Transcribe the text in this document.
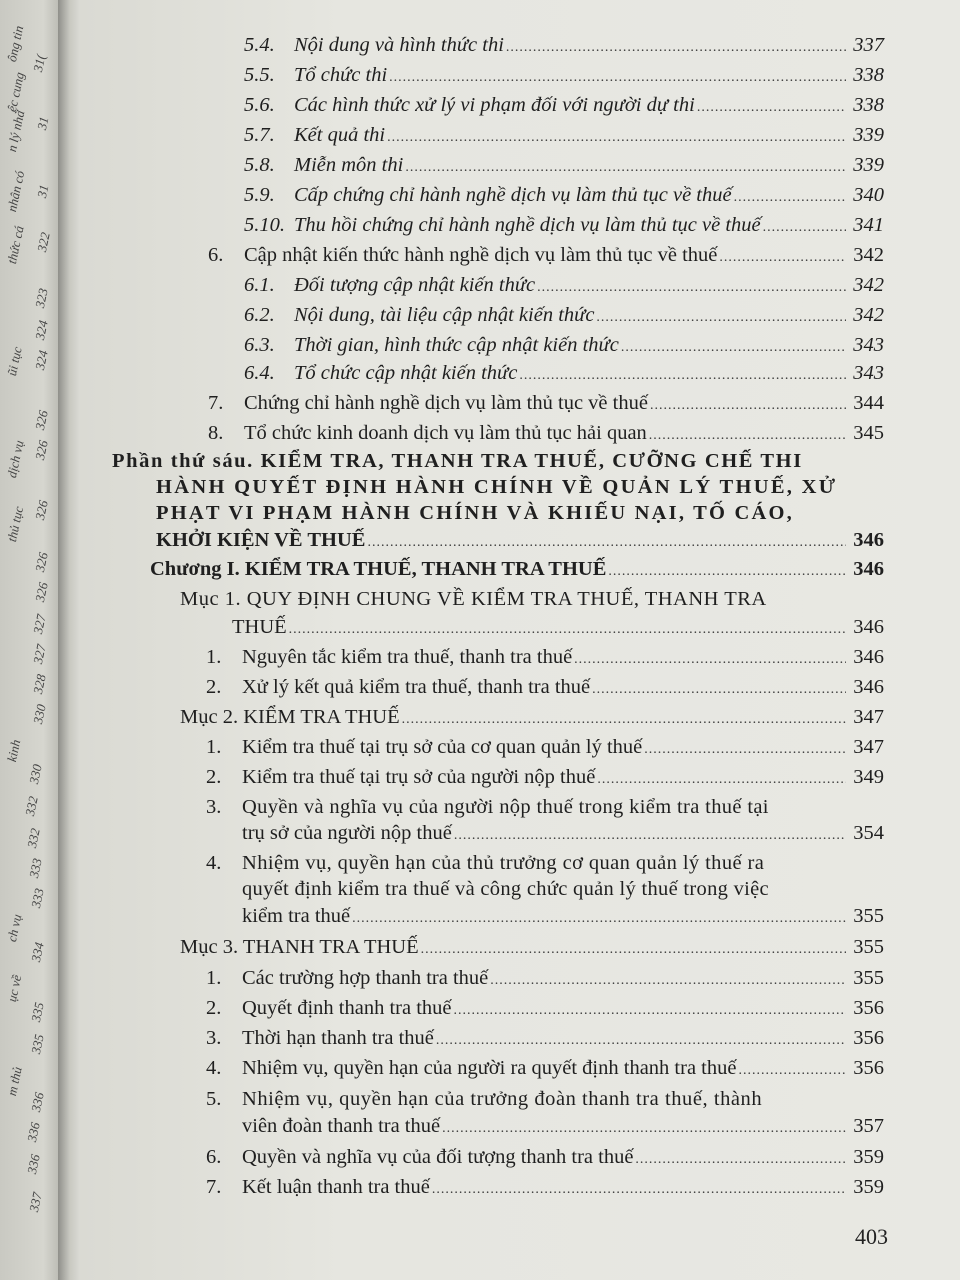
ông tin 31(
ệc cung
31
n lý nhà
31
nhân có
322
thức cá
323
324
ũi tục 324
326
326
dịch vụ
326
thủ tục
326
326
327
327
328
330
kinh
330
332
332
333
333
ch vụ
334
ục về
335
335
m thủ
336
336
336
337
5.4. Nội dung và hình thức thi .....	337
5.5. Tổ chức thi .....	338
5.6. Các hình thức xử lý vi phạm đối với người dự thi .....	338
5.7. Kết quả thi .....	339
5.8. Miễn môn thi .....	339
5.9. Cấp chứng chỉ hành nghề dịch vụ làm thủ tục về thuế .....	340
5.10. Thu hồi chứng chỉ hành nghề dịch vụ làm thủ tục về thuế .....	341
6.	Cập nhật kiến thức hành nghề dịch vụ làm thủ tục về thuế .....	342
6.1. Đối tượng cập nhật kiến thức .....	342
6.2. Nội dung, tài liệu cập nhật kiến thức .....	342
6.3. Thời gian, hình thức cập nhật kiến thức .....	343
6.4. Tổ chức cập nhật kiến thức .....	343
7.	Chứng chỉ hành nghề dịch vụ làm thủ tục về thuế .....	344
8.	Tổ chức kinh doanh dịch vụ làm thủ tục hải quan .....	345
Phần thứ sáu. KIỂM TRA, THANH TRA THUẾ, CƯỠNG CHẾ THI
HÀNH QUYẾT ĐỊNH HÀNH CHÍNH VỀ QUẢN LÝ THUẾ, XỬ
PHẠT VI PHẠM HÀNH CHÍNH VÀ KHIẾU NẠI, TỐ CÁO,
KHỞI KIỆN VỀ THUẾ .....	346
Chương I. KIỂM TRA THUẾ, THANH TRA THUẾ .....	346
Mục 1. QUY ĐỊNH CHUNG VỀ KIỂM TRA THUẾ, THANH TRA
THUẾ .....	346
1.	Nguyên tắc kiểm tra thuế, thanh tra thuế .....	346
2.	Xử lý kết quả kiểm tra thuế, thanh tra thuế .....	346
Mục 2. KIỂM TRA THUẾ .....	347
1.	Kiểm tra thuế tại trụ sở của cơ quan quản lý thuế .....	347
2.	Kiểm tra thuế tại trụ sở của người nộp thuế .....	349
3. Quyền và nghĩa vụ của người nộp thuế trong kiểm tra thuế tại
trụ sở của người nộp thuế .....	354
4. Nhiệm vụ, quyền hạn của thủ trưởng cơ quan quản lý thuế ra
quyết định kiểm tra thuế và công chức quản lý thuế trong việc
kiểm tra thuế .....	355
Mục 3. THANH TRA THUẾ .....	355
1.	Các trường hợp thanh tra thuế .....	355
2.	Quyết định thanh tra thuế .....	356
3.	Thời hạn thanh tra thuế .....	356
4.	Nhiệm vụ, quyền hạn của người ra quyết định thanh tra thuế .....	356
5. Nhiệm vụ, quyền hạn của trưởng đoàn thanh tra thuế, thành
viên đoàn thanh tra thuế .....	357
6.	Quyền và nghĩa vụ của đối tượng thanh tra thuế .....	359
7.	Kết luận thanh tra thuế .....	359
403
